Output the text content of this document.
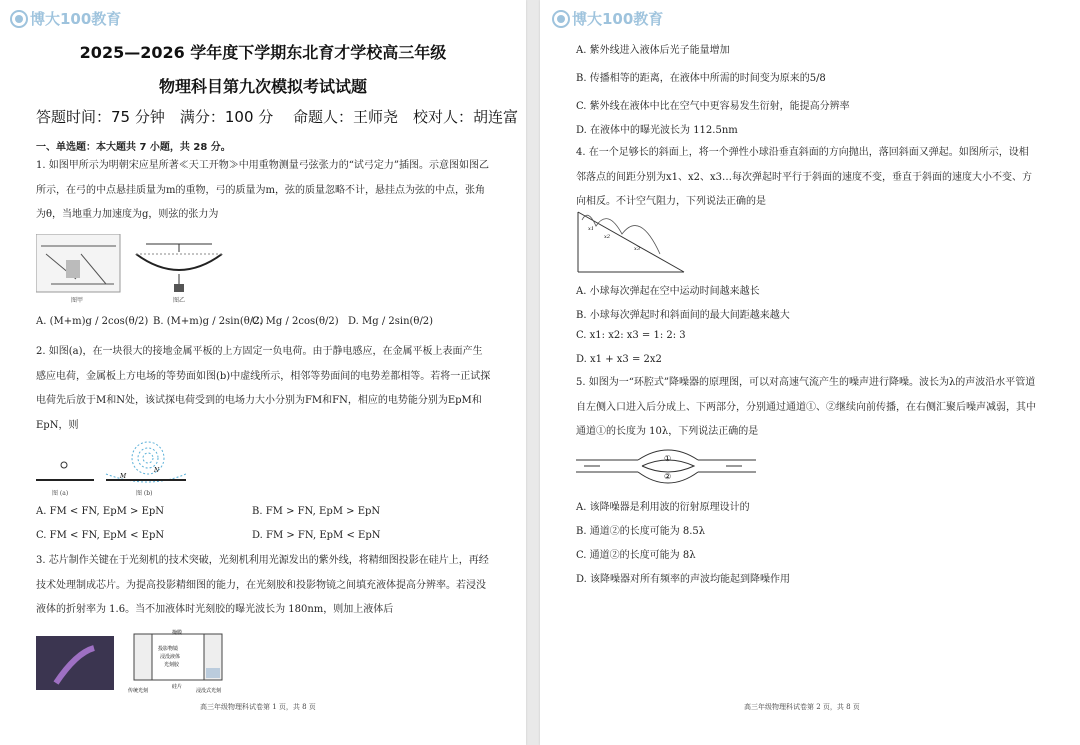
博大100教育
2025—2026 学年度下学期东北育才学校高三年级
物理科目第九次模拟考试试题
答题时间：75 分钟　满分：100 分　 命题人：王师尧　校对人：胡连富
一、单选题：本大题共 7 小题，共 28 分。
1. 如图甲所示为明朝宋应星所著≪天工开物≫中用重物测量弓弦张力的“试弓定力”插图。示意图如图乙所示，在弓的中点悬挂质量为m的重物，弓的质量为m，弦的质量忽略不计，悬挂点为弦的中点，张角为θ，当地重力加速度为g，则弦的张力为
图甲	图乙
A. (M+m)g / 2cos(θ/2) B. (M+m)g / 2sin(θ/2)
C. Mg / 2cos(θ/2) D. Mg / 2sin(θ/2)
2. 如图(a)，在一块很大的接地金属平板的上方固定一负电荷。由于静电感应，在金属平板上表面产生感应电荷，金属板上方电场的等势面如图(b)中虚线所示，相邻等势面间的电势差都相等。若将一正试探电荷先后放于M和N处，该试探电荷受到的电场力大小分别为FM和FN，相应的电势能分别为EpM和EpN，则
M
N
图 (a)	图 (b)
A. FM < FN, EpM > EpN	B. FM > FN, EpM > EpN
C. FM < FN, EpM < EpN	D. FM > FN, EpM < EpN
3. 芯片制作关键在于光刻机的技术突破，光刻机利用光源发出的紫外线，将精细图投影在硅片上，再经技术处理制成芯片。为提高投影精细图的能力，在光刻胶和投影物镜之间填充液体提高分辨率。若浸没液体的折射率为 1.6。当不加液体时光刻胶的曝光波长为 180nm，则加上液体后
掩膜
投影物镜
浸没液体
光刻胶
硅片
传统光刻	浸没式光刻
高三年级物理科试卷第 1 页，共 8 页
博大100教育
A. 紫外线进入液体后光子能量增加
B. 传播相等的距离，在液体中所需的时间变为原来的5/8
C. 紫外线在液体中比在空气中更容易发生衍射，能提高分辨率
D. 在液体中的曝光波长为 112.5nm
4. 在一个足够长的斜面上，将一个弹性小球沿垂直斜面的方向抛出，落回斜面又弹起。如图所示，设相邻落点的间距分别为x1、x2、x3…每次弹起时平行于斜面的速度不变，垂直于斜面的速度大小不变、方向相反。不计空气阻力，下列说法正确的是
x1
x2
x3
A. 小球每次弹起在空中运动时间越来越长
B. 小球每次弹起时和斜面间的最大间距越来越大
C. x1: x2: x3 = 1: 2: 3
D. x1 + x3 = 2x2
5. 如图为一“环腔式”降噪器的原理图，可以对高速气流产生的噪声进行降噪。波长为λ的声波沿水平管道自左侧入口进入后分成上、下两部分，分别通过通道①、②继续向前传播，在右侧汇聚后噪声减弱，其中通道①的长度为 10λ，下列说法正确的是
①
②
A. 该降噪器是利用波的衍射原理设计的
B. 通道②的长度可能为 8.5λ
C. 通道②的长度可能为 8λ
D. 该降噪器对所有频率的声波均能起到降噪作用
高三年级物理科试卷第 2 页，共 8 页
